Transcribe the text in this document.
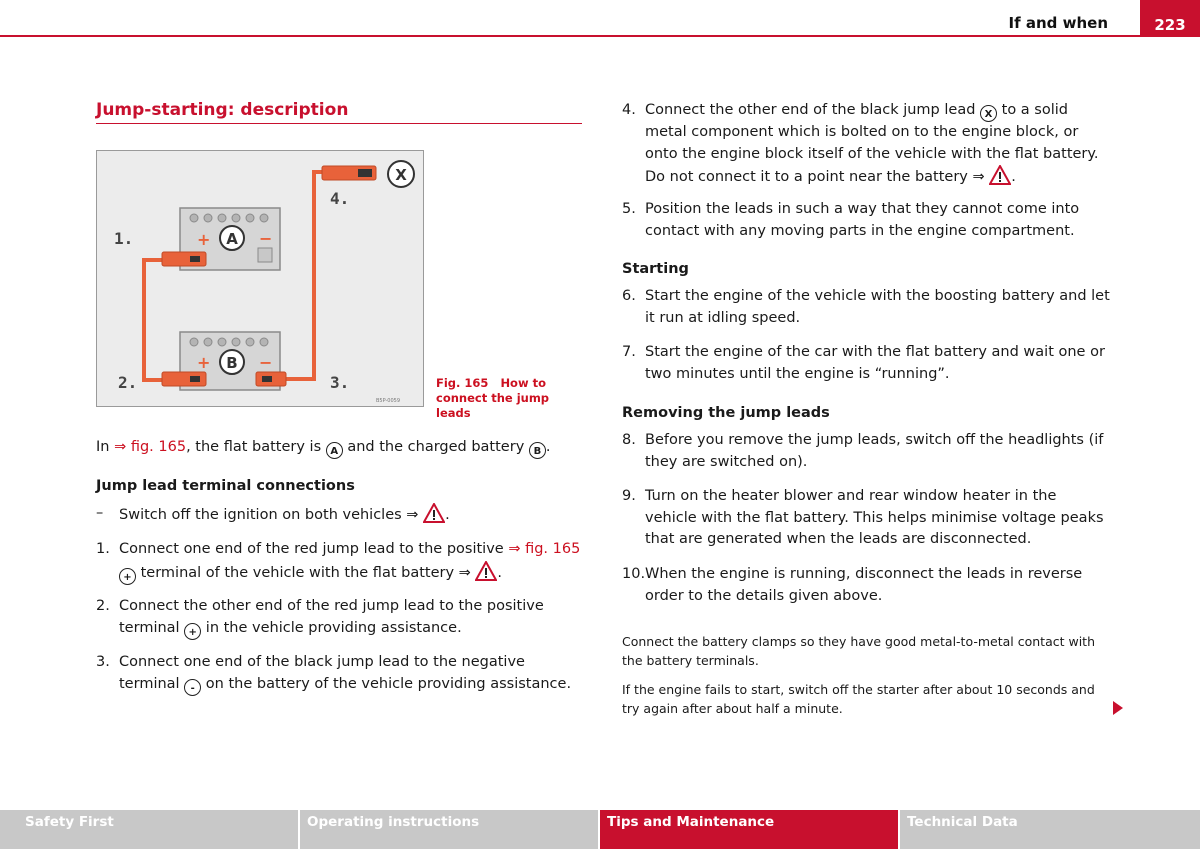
If and when	223
Jump-starting: description
+	−
A
+	−
B
X
1.
2.	3.
4.
B5P-0059
Fig. 165 How to connect the jump leads
In ⇒ fig. 165, the flat battery is A and the charged battery B .
Jump lead terminal connections
– Switch off the ignition on both vehicles ⇒ .
1. Connect one end of the red jump lead to the positive ⇒ fig. 165
+ terminal of the vehicle with the flat battery ⇒ .
2. Connect the other end of the red jump lead to the positive terminal + in the vehicle providing assistance.
3. Connect one end of the black jump lead to the negative terminal - on the battery of the vehicle providing assistance.
4. Connect the other end of the black jump lead X to a solid metal component which is bolted on to the engine block, or onto the engine block itself of the vehicle with the flat battery. Do not connect it to a point near the battery ⇒ .
5. Position the leads in such a way that they cannot come into contact with any moving parts in the engine compartment.
Starting
6. Start the engine of the vehicle with the boosting battery and let it run at idling speed.
7. Start the engine of the car with the flat battery and wait one or two minutes until the engine is “running”.
Removing the jump leads
8. Before you remove the jump leads, switch off the headlights (if they are switched on).
9. Turn on the heater blower and rear window heater in the vehicle with the flat battery. This helps minimise voltage peaks that are generated when the leads are disconnected.
10. When the engine is running, disconnect the leads in reverse order to the details given above.
Connect the battery clamps so they have good metal-to-metal contact with the battery terminals.
If the engine fails to start, switch off the starter after about 10 seconds and try again after about half a minute.
Safety First	Operating instructions	Tips and Maintenance	Technical Data
